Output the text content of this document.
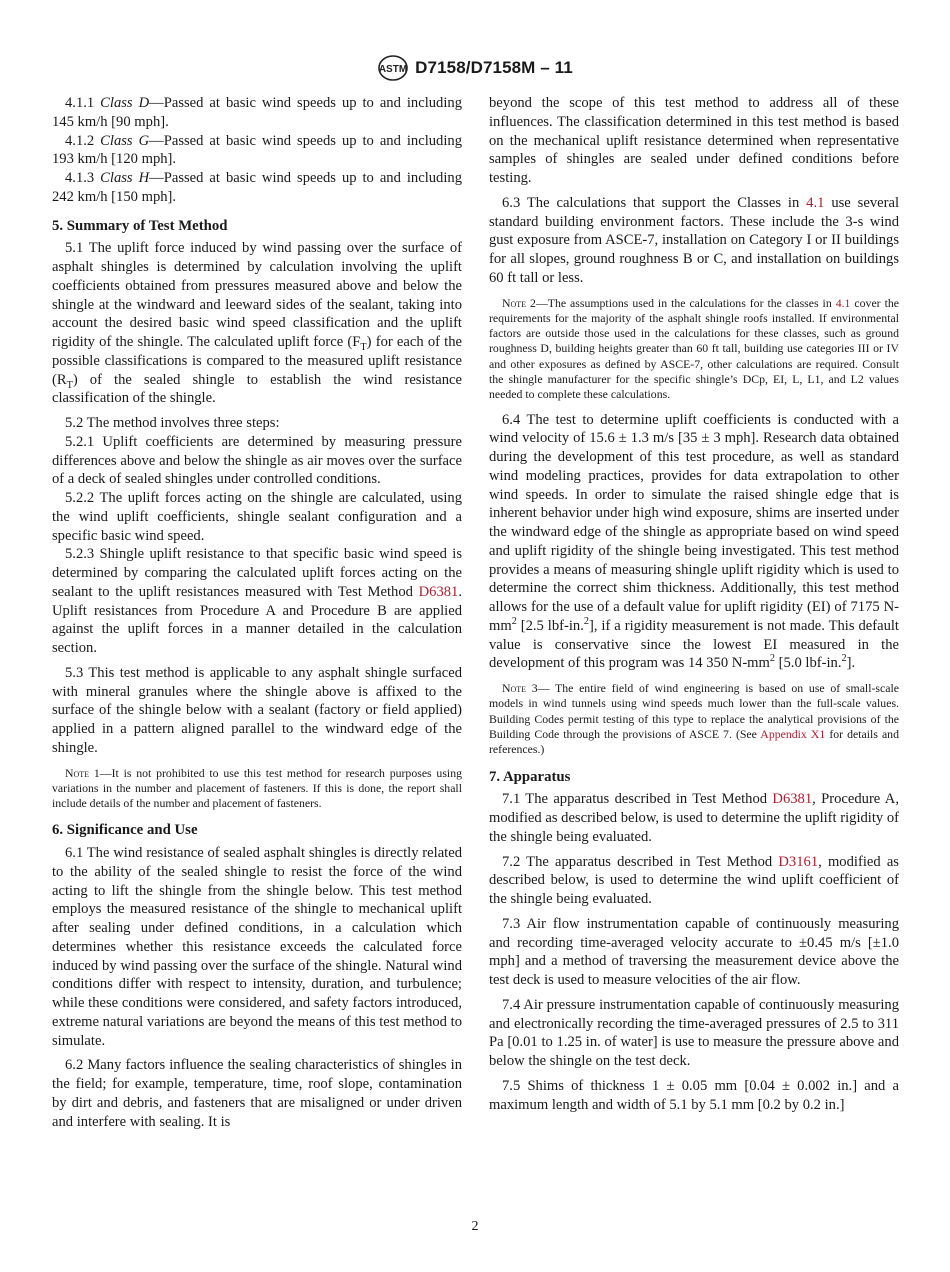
ASTM D7158/D7158M – 11
4.1.1 Class D—Passed at basic wind speeds up to and including 145 km/h [90 mph].
4.1.2 Class G—Passed at basic wind speeds up to and including 193 km/h [120 mph].
4.1.3 Class H—Passed at basic wind speeds up to and including 242 km/h [150 mph].
5. Summary of Test Method
5.1 The uplift force induced by wind passing over the surface of asphalt shingles is determined by calculation involving the uplift coefficients obtained from pressures measured above and below the shingle at the windward and leeward sides of the sealant, taking into account the desired basic wind speed classification and the uplift rigidity of the shingle. The calculated uplift force $(F_T)$ for each of the possible classifications is compared to the measured uplift resistance $(R_T)$ of the sealed shingle to establish the wind resistance classification of the shingle.
5.2 The method involves three steps:
5.2.1 Uplift coefficients are determined by measuring pressure differences above and below the shingle as air moves over the surface of a deck of sealed shingles under controlled conditions.
5.2.2 The uplift forces acting on the shingle are calculated, using the wind uplift coefficients, shingle sealant configuration and a specific basic wind speed.
5.2.3 Shingle uplift resistance to that specific basic wind speed is determined by comparing the calculated uplift forces acting on the sealant to the uplift resistances measured with Test Method D6381. Uplift resistances from Procedure A and Procedure B are applied against the uplift forces in a manner detailed in the calculation section.
5.3 This test method is applicable to any asphalt shingle surfaced with mineral granules where the shingle above is affixed to the surface of the shingle below with a sealant (factory or field applied) applied in a pattern aligned parallel to the windward edge of the shingle.
Note 1—It is not prohibited to use this test method for research purposes using variations in the number and placement of fasteners. If this is done, the report shall include details of the number and placement of fasteners.
6. Significance and Use
6.1 The wind resistance of sealed asphalt shingles is directly related to the ability of the sealed shingle to resist the force of the wind acting to lift the shingle from the shingle below. This test method employs the measured resistance of the shingle to mechanical uplift after sealing under defined conditions, in a calculation which determines whether this resistance exceeds the calculated force induced by wind passing over the surface of the shingle. Natural wind conditions differ with respect to intensity, duration, and turbulence; while these conditions were considered, and safety factors introduced, extreme natural variations are beyond the means of this test method to simulate.
6.2 Many factors influence the sealing characteristics of shingles in the field; for example, temperature, time, roof slope, contamination by dirt and debris, and fasteners that are misaligned or under driven and interfere with sealing. It is
beyond the scope of this test method to address all of these influences. The classification determined in this test method is based on the mechanical uplift resistance determined when representative samples of shingles are sealed under defined conditions before testing.
6.3 The calculations that support the Classes in 4.1 use several standard building environment factors. These include the 3-s wind gust exposure from ASCE-7, installation on Category I or II buildings for all slopes, ground roughness B or C, and installation on buildings 60 ft tall or less.
Note 2—The assumptions used in the calculations for the classes in 4.1 cover the requirements for the majority of the asphalt shingle roofs installed. If environmental factors are outside those used in the calculations for these classes, such as ground roughness D, building heights greater than 60 ft tall, building use categories III or IV and other exposures as defined by ASCE-7, other calculations are required. Consult the shingle manufacturer for the specific shingle’s DCp, EI, L, L1, and L2 values needed to complete these calculations.
6.4 The test to determine uplift coefficients is conducted with a wind velocity of 15.6 ± 1.3 m/s [35 ± 3 mph]. Research data obtained during the development of this test procedure, as well as standard wind modeling practices, provides for data extrapolation to other wind speeds. In order to simulate the raised shingle edge that is inherent behavior under high wind exposure, shims are inserted under the windward edge of the shingle as appropriate based on wind speed and uplift rigidity of the shingle being investigated. This test method provides a means of measuring shingle uplift rigidity which is used to determine the correct shim thickness. Additionally, this test method allows for the use of a default value for uplift rigidity (EI) of 7175 $N-mm^2$ [2.5 lbf-in.$^2$], if a rigidity measurement is not made. This default value is conservative since the lowest EI measured in the development of this program was 14 350 $N-mm^2$ [5.0 lbf-in.$^2$].
Note 3— The entire field of wind engineering is based on use of small-scale models in wind tunnels using wind speeds much lower than the full-scale values. Building Codes permit testing of this type to replace the analytical provisions of the Building Code through the provisions of ASCE 7. (See Appendix X1 for details and references.)
7. Apparatus
7.1 The apparatus described in Test Method D6381, Procedure A, modified as described below, is used to determine the uplift rigidity of the shingle being evaluated.
7.2 The apparatus described in Test Method D3161, modified as described below, is used to determine the wind uplift coefficient of the shingle being evaluated.
7.3 Air flow instrumentation capable of continuously measuring and recording time-averaged velocity accurate to ±0.45 m/s [±1.0 mph] and a method of traversing the measurement device above the test deck is used to measure velocities of the air flow.
7.4 Air pressure instrumentation capable of continuously measuring and electronically recording the time-averaged pressures of 2.5 to 311 Pa [0.01 to 1.25 in. of water] is use to measure the pressure above and below the shingle on the test deck.
7.5 Shims of thickness 1 ± 0.05 mm [0.04 ± 0.002 in.] and a maximum length and width of 5.1 by 5.1 mm [0.2 by 0.2 in.]
2
